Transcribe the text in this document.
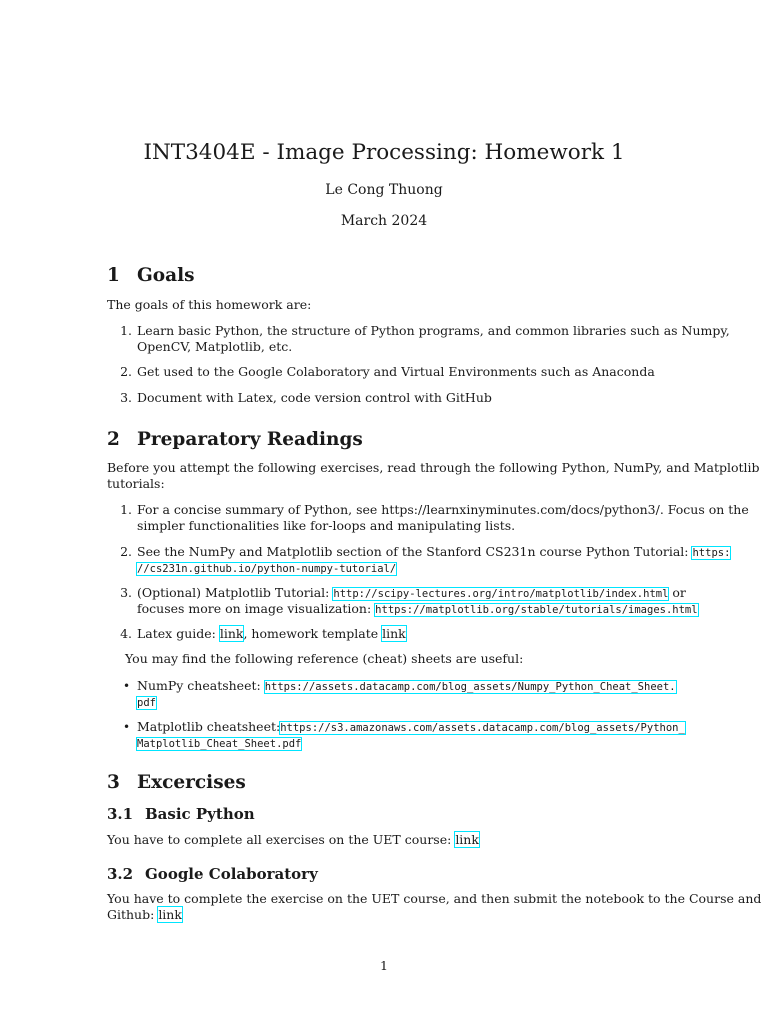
INT3404E - Image Processing: Homework 1
Le Cong Thuong
March 2024
1 Goals
The goals of this homework are:
1. Learn basic Python, the structure of Python programs, and common libraries such as Numpy,
OpenCV, Matplotlib, etc.
2. Get used to the Google Colaboratory and Virtual Environments such as Anaconda
3. Document with Latex, code version control with GitHub
2 Preparatory Readings
Before you attempt the following exercises, read through the following Python, NumPy, and Matplotlib
tutorials:
1. For a concise summary of Python, see https://learnxinyminutes.com/docs/python3/. Focus on the
simpler functionalities like for-loops and manipulating lists.
2. See the NumPy and Matplotlib section of the Stanford CS231n course Python Tutorial: https:
//cs231n.github.io/python-numpy-tutorial/
3. (Optional) Matplotlib Tutorial: http://scipy-lectures.org/intro/matplotlib/index.html or
focuses more on image visualization: https://matplotlib.org/stable/tutorials/images.html
4. Latex guide: link, homework template link
You may find the following reference (cheat) sheets are useful:
• NumPy cheatsheet: https://assets.datacamp.com/blog_assets/Numpy_Python_Cheat_Sheet.
pdf
• Matplotlib cheatsheet:https://s3.amazonaws.com/assets.datacamp.com/blog_assets/Python_
Matplotlib_Cheat_Sheet.pdf
3 Excercises
3.1 Basic Python
You have to complete all exercises on the UET course: link
3.2 Google Colaboratory
You have to complete the exercise on the UET course, and then submit the notebook to the Course and
Github: link
1
